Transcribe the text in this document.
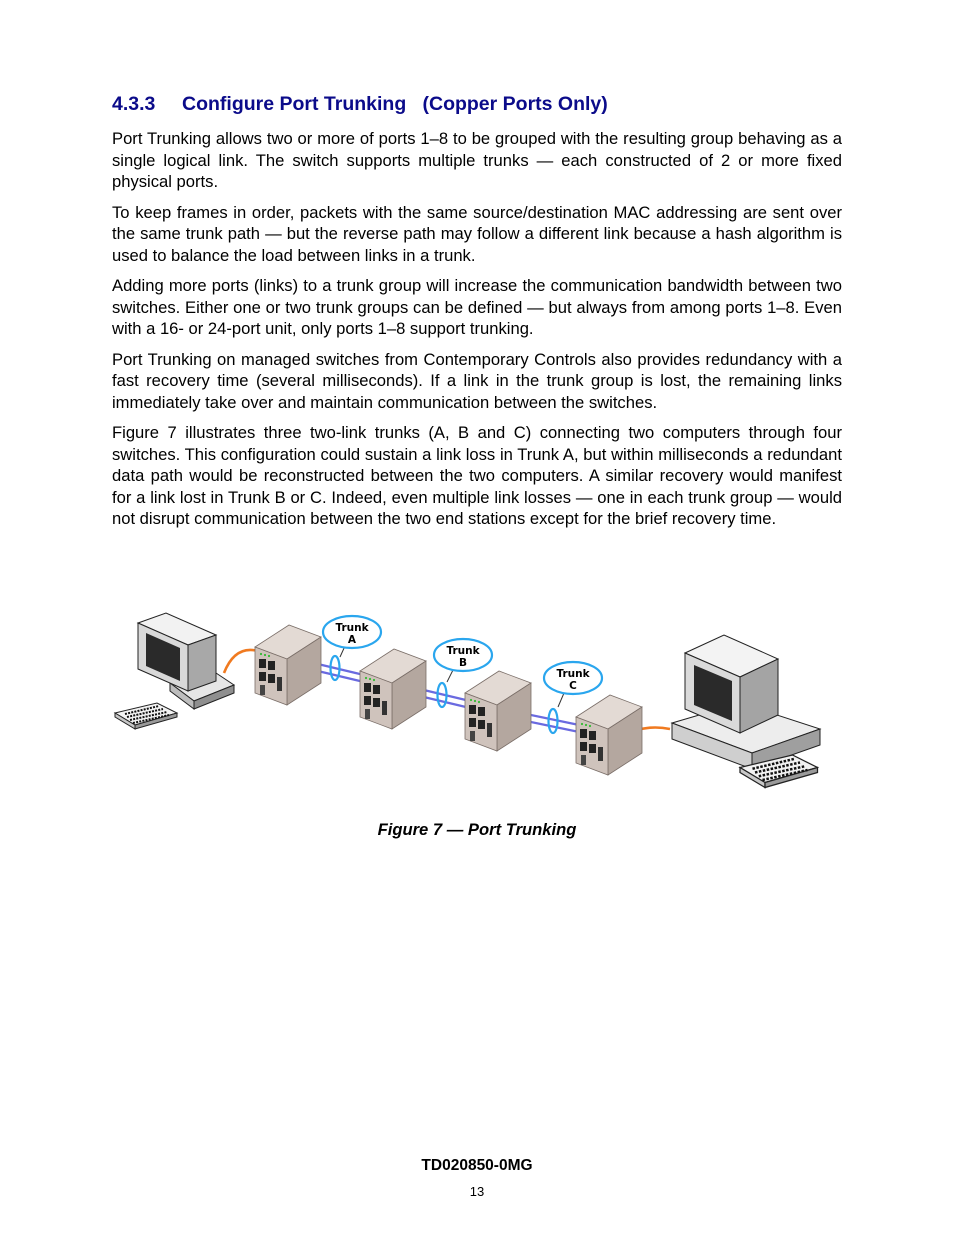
4.3.3 Configure Port Trunking   (Copper Ports Only)

Port Trunking allows two or more of ports 1–8 to be grouped with the resulting group behaving as a single logical link. The switch supports multiple trunks — each constructed of 2 or more fixed physical ports.

To keep frames in order, packets with the same source/destination MAC addressing are sent over the same trunk path — but the reverse path may follow a different link because a hash algorithm is used to balance the load between links in a trunk.

Adding more ports (links) to a trunk group will increase the communication bandwidth between two switches. Either one or two trunk groups can be defined — but always from among ports 1–8. Even with a 16- or 24-port unit, only ports 1–8 support trunking.

Port Trunking on managed switches from Contemporary Controls also provides redundancy with a fast recovery time (several milliseconds). If a link in the trunk group is lost, the remaining links immediately take over and maintain communication between the switches.

Figure 7 illustrates three two-link trunks (A, B and C) connecting two computers through four switches. This configuration could sustain a link loss in Trunk A, but within milliseconds a redundant data path would be reconstructed between the two computers. A similar recovery would manifest for a link lost in Trunk B or C. Indeed, even multiple link losses — one in each trunk group — would not disrupt communication between the two end stations except for the brief recovery time.

Trunk
A
Trunk
B
Trunk
C
Figure 7 — Port Trunking
TD020850-0MG
13
